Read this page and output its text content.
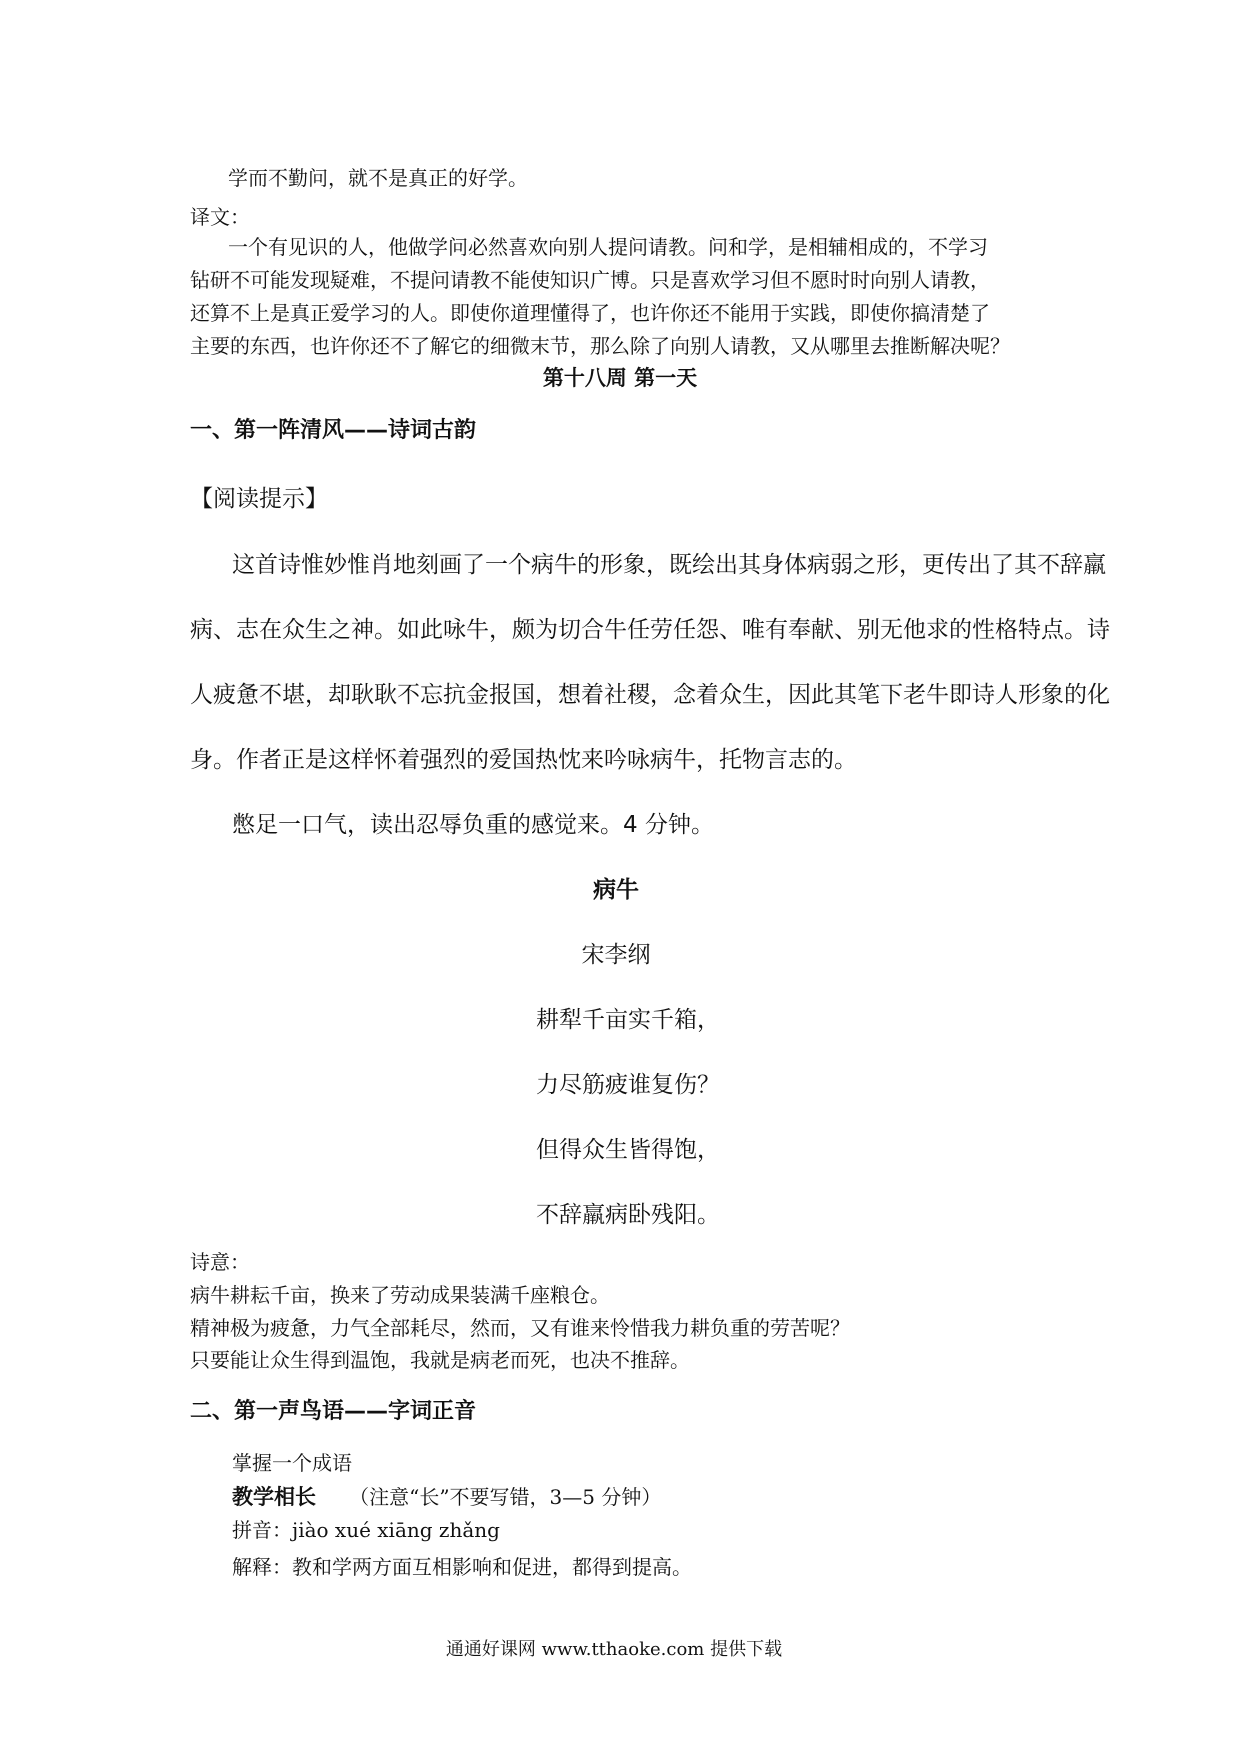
学而不勤问，就不是真正的好学。
译文：
一个有见识的人，他做学问必然喜欢向别人提问请教。问和学，是相辅相成的，不学习
钻研不可能发现疑难，不提问请教不能使知识广博。只是喜欢学习但不愿时时向别人请教，
还算不上是真正爱学习的人。即使你道理懂得了，也许你还不能用于实践，即使你搞清楚了
主要的东西，也许你还不了解它的细微末节，那么除了向别人请教，又从哪里去推断解决呢？
第十八周 第一天
一、第一阵清风——诗词古韵
【阅读提示】
这首诗惟妙惟肖地刻画了一个病牛的形象，既绘出其身体病弱之形，更传出了其不辞羸
病、志在众生之神。如此咏牛，颇为切合牛任劳任怨、唯有奉献、别无他求的性格特点。诗
人疲惫不堪，却耿耿不忘抗金报国，想着社稷，念着众生，因此其笔下老牛即诗人形象的化
身。作者正是这样怀着强烈的爱国热忱来吟咏病牛，托物言志的。
憋足一口气，读出忍辱负重的感觉来。4 分钟。
病牛
宋李纲
耕犁千亩实千箱，
力尽筋疲谁复伤？
但得众生皆得饱，
不辞羸病卧残阳。
诗意：
病牛耕耘千亩，换来了劳动成果装满千座粮仓。
精神极为疲惫，力气全部耗尽，然而，又有谁来怜惜我力耕负重的劳苦呢？
只要能让众生得到温饱，我就是病老而死，也决不推辞。
二、第一声鸟语——字词正音
掌握一个成语
教学相长 （注意“长”不要写错，3—5 分钟）
拼音：jiào xué xiāng zhǎng
解释：教和学两方面互相影响和促进，都得到提高。
通通好课网 www.tthaoke.com 提供下载
